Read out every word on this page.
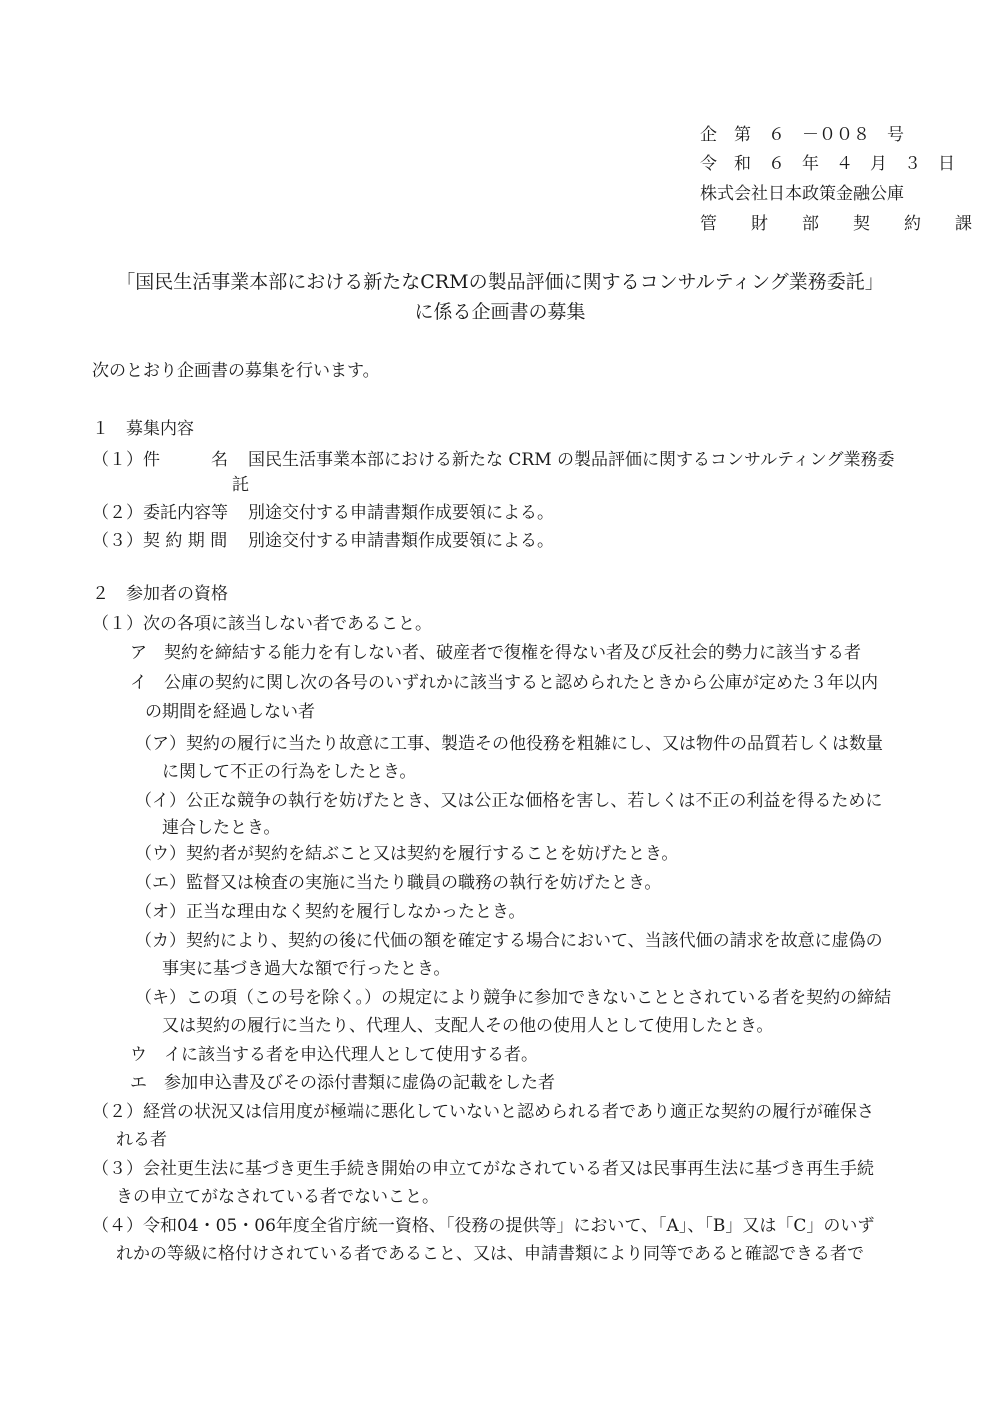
企　第　６　－００８　号
令　和　６　年　４　月　３　日
株式会社日本政策金融公庫
管　　財　　部　　契　　約　　課
「国民生活事業本部における新たなCRMの製品評価に関するコンサルティング業務委託」
に係る企画書の募集
次のとおり企画書の募集を行います。
１　募集内容
（１）件　　　名 国民生活事業本部における新たな CRM の製品評価に関するコンサルティング業務委
託
（２）委託内容等 別途交付する申請書類作成要領による。
（３）契 約 期 間 別途交付する申請書類作成要領による。
２　参加者の資格
（１）次の各項に該当しない者であること。
ア　契約を締結する能力を有しない者、破産者で復権を得ない者及び反社会的勢力に該当する者
イ　公庫の契約に関し次の各号のいずれかに該当すると認められたときから公庫が定めた３年以内
の期間を経過しない者
（ア）契約の履行に当たり故意に工事、製造その他役務を粗雑にし、又は物件の品質若しくは数量
に関して不正の行為をしたとき。
（イ）公正な競争の執行を妨げたとき、又は公正な価格を害し、若しくは不正の利益を得るために
連合したとき。
（ウ）契約者が契約を結ぶこと又は契約を履行することを妨げたとき。
（エ）監督又は検査の実施に当たり職員の職務の執行を妨げたとき。
（オ）正当な理由なく契約を履行しなかったとき。
（カ）契約により、契約の後に代価の額を確定する場合において、当該代価の請求を故意に虚偽の
事実に基づき過大な額で行ったとき。
（キ）この項（この号を除く。）の規定により競争に参加できないこととされている者を契約の締結
又は契約の履行に当たり、代理人、支配人その他の使用人として使用したとき。
ウ　イに該当する者を申込代理人として使用する者。
エ　参加申込書及びその添付書類に虚偽の記載をした者
（２）経営の状況又は信用度が極端に悪化していないと認められる者であり適正な契約の履行が確保さ
れる者
（３）会社更生法に基づき更生手続き開始の申立てがなされている者又は民事再生法に基づき再生手続
きの申立てがなされている者でないこと。
（４）令和04・05・06年度全省庁統一資格、「役務の提供等」において、「A」、「B」又は「C」のいず
れかの等級に格付けされている者であること、又は、申請書類により同等であると確認できる者で
